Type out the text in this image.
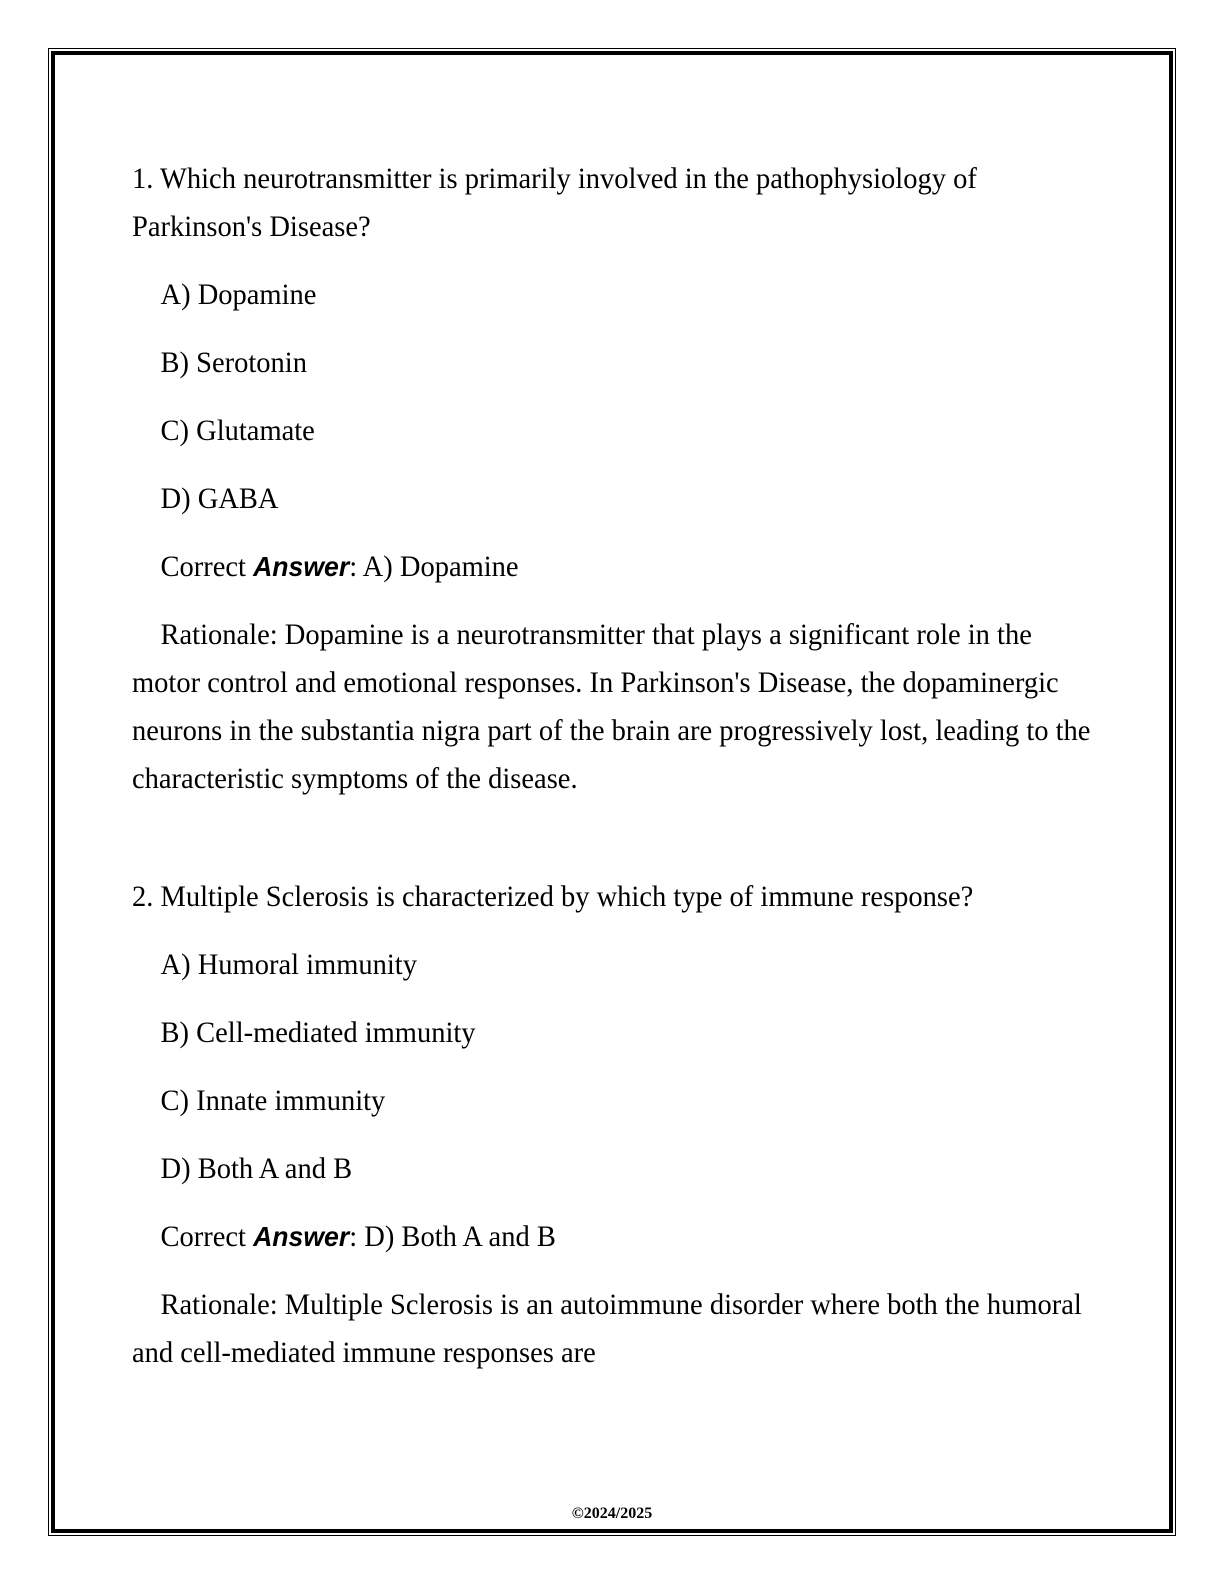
1. Which neurotransmitter is primarily involved in the pathophysiology of Parkinson's Disease?

A) Dopamine

B) Serotonin

C) Glutamate

D) GABA

Correct Answer: A) Dopamine

Rationale: Dopamine is a neurotransmitter that plays a significant role in the motor control and emotional responses. In Parkinson's Disease, the dopaminergic neurons in the substantia nigra part of the brain are progressively lost, leading to the characteristic symptoms of the disease.

2. Multiple Sclerosis is characterized by which type of immune response?

A) Humoral immunity

B) Cell-mediated immunity

C) Innate immunity

D) Both A and B

Correct Answer: D) Both A and B

Rationale: Multiple Sclerosis is an autoimmune disorder where both the humoral and cell-mediated immune responses are

©2024/2025
